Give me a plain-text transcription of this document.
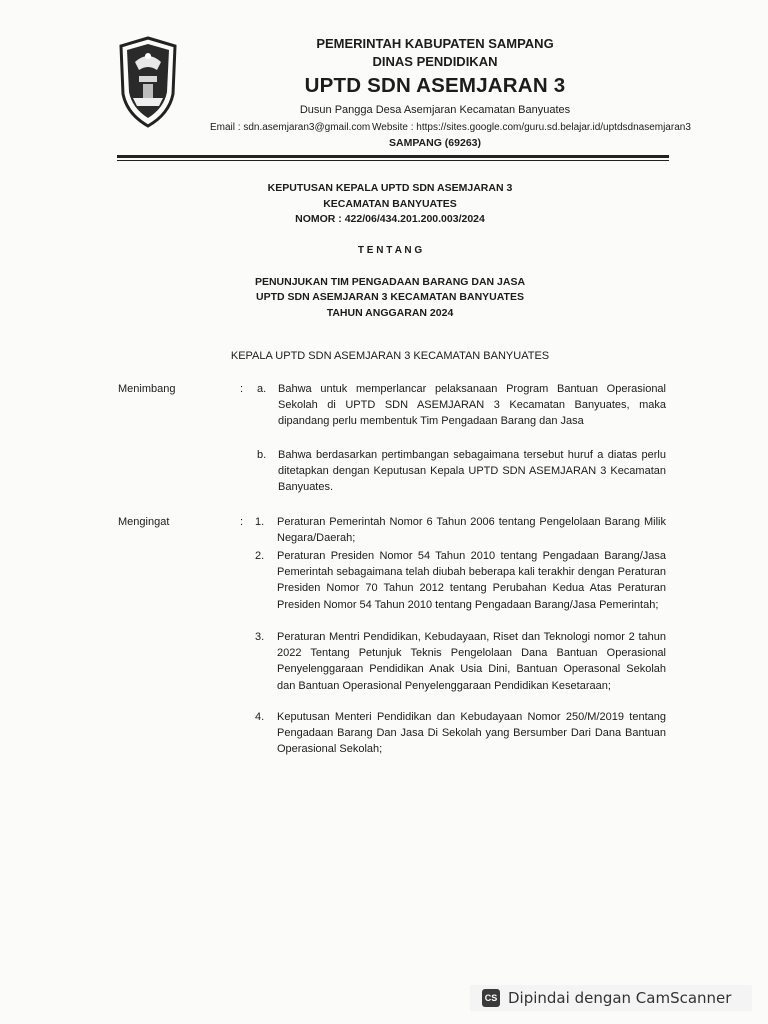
PEMERINTAH KABUPATEN SAMPANG
DINAS PENDIDIKAN
UPTD SDN ASEMJARAN 3
Dusun Pangga Desa Asemjaran Kecamatan Banyuates
Email : sdn.asemjaran3@gmail.com Website : https://sites.google.com/guru.sd.belajar.id/uptdsdnasemjaran3
SAMPANG (69263)
KEPUTUSAN KEPALA UPTD SDN ASEMJARAN 3
KECAMATAN BANYUATES
NOMOR : 422/06/434.201.200.003/2024
T E N T A N G
PENUNJUKAN TIM PENGADAAN BARANG DAN JASA
UPTD SDN ASEMJARAN 3 KECAMATAN BANYUATES
TAHUN ANGGARAN 2024
KEPALA UPTD SDN ASEMJARAN 3 KECAMATAN BANYUATES
Menimbang	: a. Bahwa untuk memperlancar pelaksanaan Program Bantuan Operasional Sekolah di UPTD SDN ASEMJARAN 3 Kecamatan Banyuates, maka dipandang perlu membentuk Tim Pengadaan Barang dan Jasa
b. Bahwa berdasarkan pertimbangan sebagaimana tersebut huruf a diatas perlu ditetapkan dengan Keputusan Kepala UPTD SDN ASEMJARAN 3 Kecamatan Banyuates.
Mengingat	: 1. Peraturan Pemerintah Nomor 6 Tahun 2006 tentang Pengelolaan Barang Milik Negara/Daerah;
2. Peraturan Presiden Nomor 54 Tahun 2010 tentang Pengadaan Barang/Jasa Pemerintah sebagaimana telah diubah beberapa kali terakhir dengan Peraturan Presiden Nomor 70 Tahun 2012 tentang Perubahan Kedua Atas Peraturan Presiden Nomor 54 Tahun 2010 tentang Pengadaan Barang/Jasa Pemerintah;
3. Peraturan Mentri Pendidikan, Kebudayaan, Riset dan Teknologi nomor 2 tahun 2022 Tentang Petunjuk Teknis Pengelolaan Dana Bantuan Operasional Penyelenggaraan Pendidikan Anak Usia Dini, Bantuan Operasonal Sekolah dan Bantuan Operasional Penyelenggaraan Pendidikan Kesetaraan;
4. Keputusan Menteri Pendidikan dan Kebudayaan Nomor 250/M/2019 tentang Pengadaan Barang Dan Jasa Di Sekolah yang Bersumber Dari Dana Bantuan Operasional Sekolah;
CS Dipindai dengan CamScanner
